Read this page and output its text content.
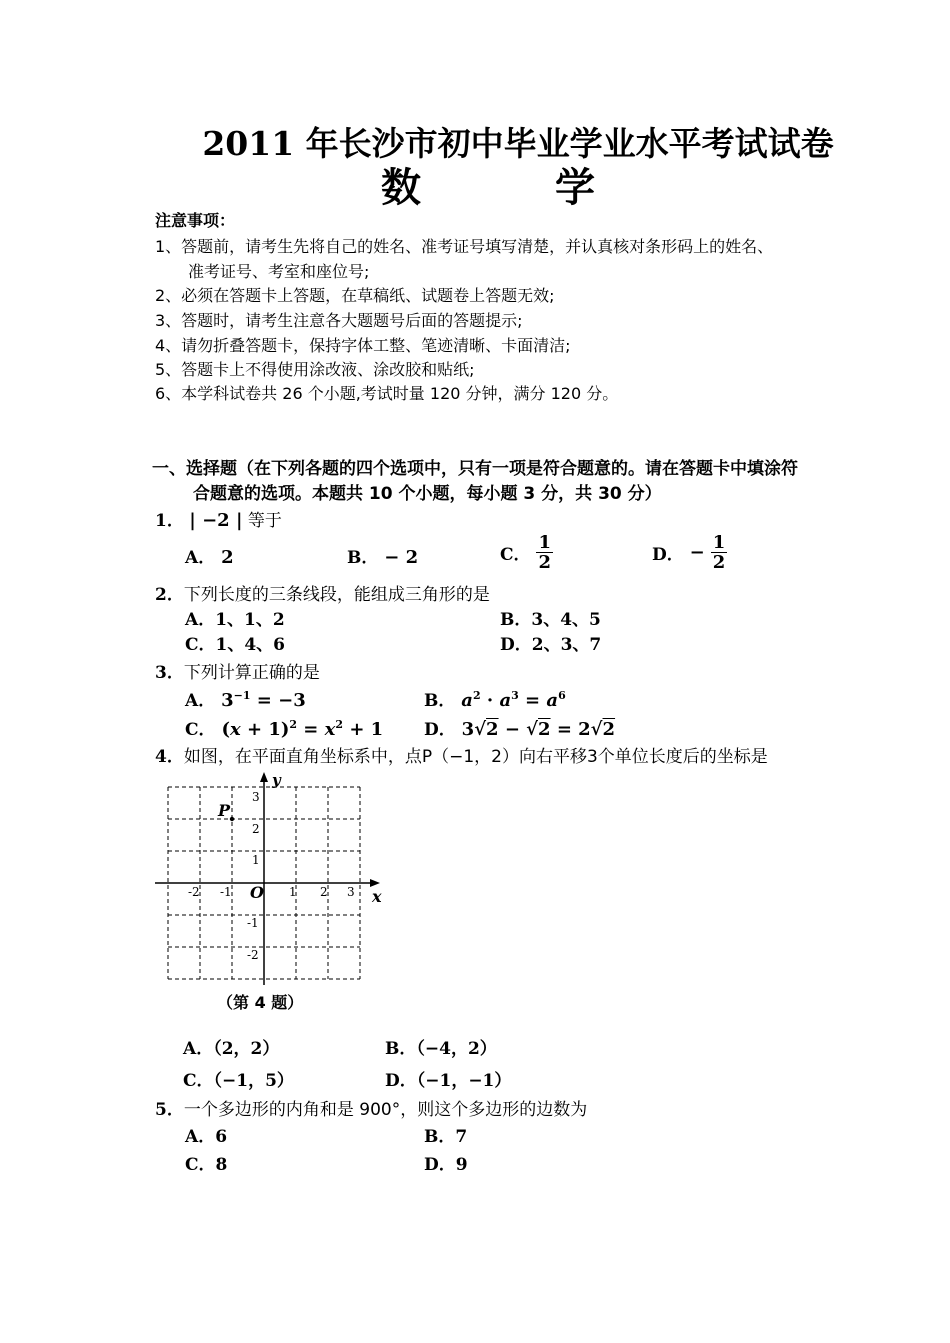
2011 年长沙市初中毕业学业水平考试试卷
数 学
注意事项：
1、答题前，请考生先将自己的姓名、准考证号填写清楚，并认真核对条形码上的姓名、
准考证号、考室和座位号;
2、必须在答题卡上答题，在草稿纸、试题卷上答题无效;
3、答题时，请考生注意各大题题号后面的答题提示;
4、请勿折叠答题卡，保持字体工整、笔迹清晰、卡面清洁;
5、答题卡上不得使用涂改液、涂改胶和贴纸;
6、本学科试卷共 26 个小题,考试时量 120 分钟，满分 120 分。
一、选择题（在下列各题的四个选项中，只有一项是符合题意的。请在答题卡中填涂符
合题意的选项。本题共 10 个小题，每小题 3 分，共 30 分）
1． | −2 | 等于
A． 2	B． − 2	C． $\frac{1}{2}$	D． − $\frac{1}{2}$
2．下列长度的三条线段，能组成三角形的是
A．1、1、2	B．3、4、5
C．1、4、6	D．2、3、7
3．下列计算正确的是
A． $3^{-1} = -3$	B． $a^2 \cdot a^3 = a^6$
C． $(x + 1)^2 = x^2 + 1$ D． 3√2 − √2 = 2√2
4．如图，在平面直角坐标系中，点P（−1，2）向右平移3个单位长度后的坐标是
P
x
y
O
-2 -1	1 2 3
3
2
1
-1
-2
（第 4 题）
A．（2，2）	B．（−4，2）
C．（−1，5）	D．（−1，−1）
5．一个多边形的内角和是 900°，则这个多边形的边数为
A．6	B．7
C．8	D．9
